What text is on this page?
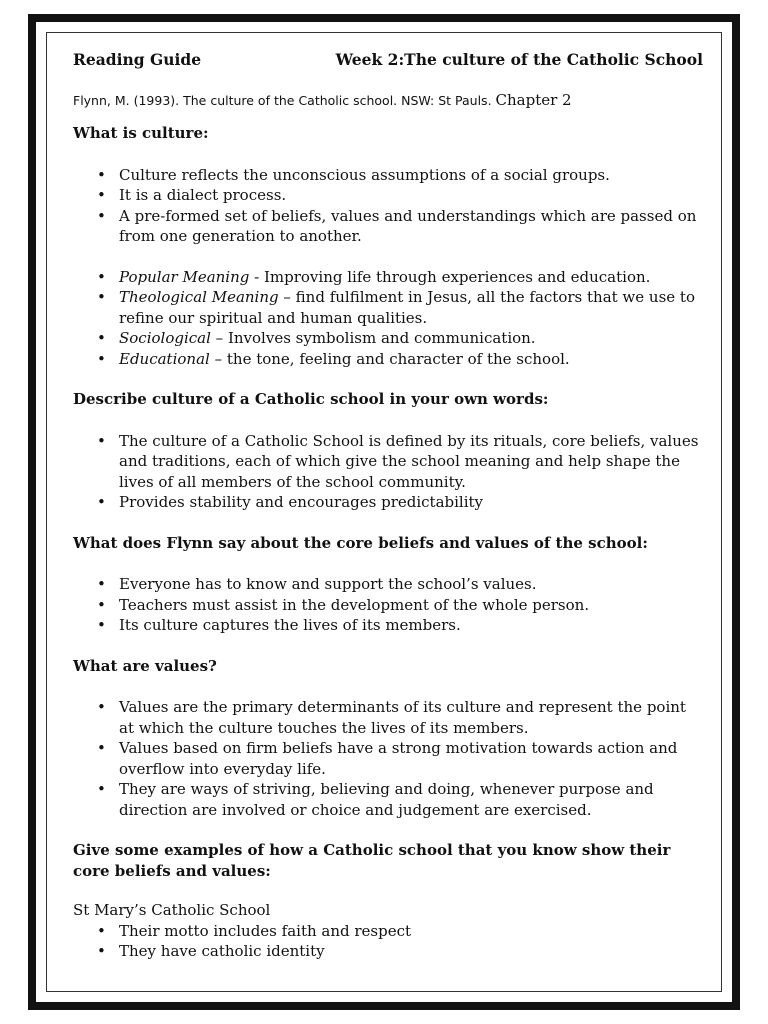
Reading Guide	Week 2:The culture of the Catholic School
Flynn, M. (1993). The culture of the Catholic school. NSW: St Pauls. Chapter 2
What is culture:
• Culture reflects the unconscious assumptions of a social groups.
• It is a dialect process.
• A pre-formed set of beliefs, values and understandings which are passed on from one generation to another.
• Popular Meaning - Improving life through experiences and education.
• Theological Meaning – find fulfilment in Jesus, all the factors that we use to refine our spiritual and human qualities.
• Sociological – Involves symbolism and communication.
• Educational – the tone, feeling and character of the school.
Describe culture of a Catholic school in your own words:
• The culture of a Catholic School is defined by its rituals, core beliefs, values and traditions, each of which give the school meaning and help shape the lives of all members of the school community.
• Provides stability and encourages predictability
What does Flynn say about the core beliefs and values of the school:
• Everyone has to know and support the school’s values.
• Teachers must assist in the development of the whole person.
• Its culture captures the lives of its members.
What are values?
• Values are the primary determinants of its culture and represent the point at which the culture touches the lives of its members.
• Values based on firm beliefs have a strong motivation towards action and overflow into everyday life.
• They are ways of striving, believing and doing, whenever purpose and direction are involved or choice and judgement are exercised.
Give some examples of how a Catholic school that you know show their core beliefs and values:
St Mary’s Catholic School
• Their motto includes faith and respect
• They have catholic identity
